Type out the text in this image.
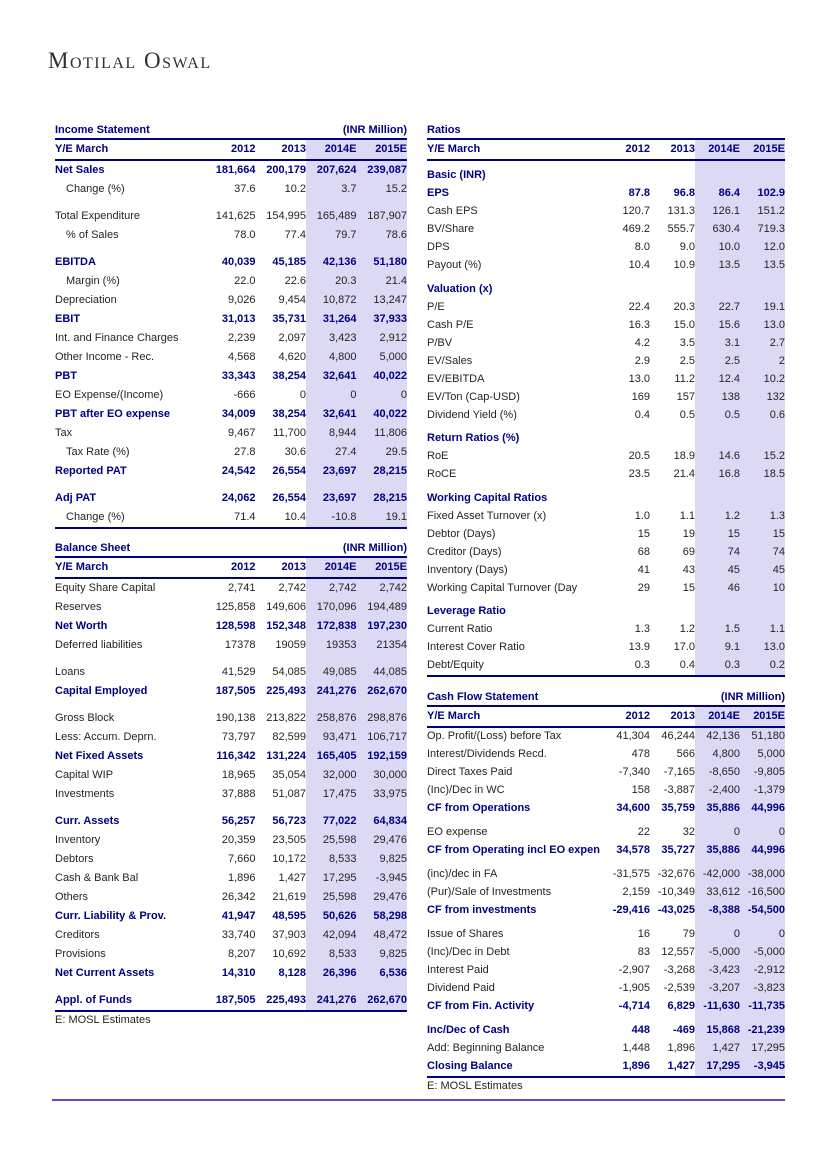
Motilal Oswal
Income Statement	(INR Million)
Y/E March	2012	2013	2014E	2015E
Net Sales	181,664	200,179	207,624	239,087
Change (%)	37.6	10.2	3.7	15.2

Total Expenditure	141,625	154,995	165,489	187,907
% of Sales	78.0	77.4	79.7	78.6

EBITDA	40,039	45,185	42,136	51,180
Margin (%)	22.0	22.6	20.3	21.4
Depreciation	9,026	9,454	10,872	13,247
EBIT	31,013	35,731	31,264	37,933
Int. and Finance Charges	2,239	2,097	3,423	2,912
Other Income - Rec.	4,568	4,620	4,800	5,000
PBT	33,343	38,254	32,641	40,022
EO Expense/(Income)	-666	0	0	0
PBT after EO expense	34,009	38,254	32,641	40,022
Tax	9,467	11,700	8,944	11,806
Tax Rate (%)	27.8	30.6	27.4	29.5
Reported PAT	24,542	26,554	23,697	28,215

Adj PAT	24,062	26,554	23,697	28,215
Change (%)	71.4	10.4	-10.8	19.1
Balance Sheet	(INR Million)
Y/E March	2012	2013	2014E	2015E
Equity Share Capital	2,741	2,742	2,742	2,742
Reserves	125,858	149,606	170,096	194,489
Net Worth	128,598	152,348	172,838	197,230
Deferred liabilities	17378	19059	19353	21354

Loans	41,529	54,085	49,085	44,085
Capital Employed	187,505	225,493	241,276	262,670

Gross Block	190,138	213,822	258,876	298,876
Less: Accum. Deprn.	73,797	82,599	93,471	106,717
Net Fixed Assets	116,342	131,224	165,405	192,159
Capital WIP	18,965	35,054	32,000	30,000
Investments	37,888	51,087	17,475	33,975

Curr. Assets	56,257	56,723	77,022	64,834
Inventory	20,359	23,505	25,598	29,476
Debtors	7,660	10,172	8,533	9,825
Cash & Bank Bal	1,896	1,427	17,295	-3,945
Others	26,342	21,619	25,598	29,476
Curr. Liability & Prov.	41,947	48,595	50,626	58,298
Creditors	33,740	37,903	42,094	48,472
Provisions	8,207	10,692	8,533	9,825
Net Current Assets	14,310	8,128	26,396	6,536

Appl. of Funds	187,505	225,493	241,276	262,670
E: MOSL Estimates
Ratios
Y/E March	2012	2013	2014E	2015E
Basic (INR)				
EPS	87.8	96.8	86.4	102.9
Cash EPS	120.7	131.3	126.1	151.2
BV/Share	469.2	555.7	630.4	719.3
DPS	8.0	9.0	10.0	12.0
Payout (%)	10.4	10.9	13.5	13.5
Valuation (x)				
P/E	22.4	20.3	22.7	19.1
Cash P/E	16.3	15.0	15.6	13.0
P/BV	4.2	3.5	3.1	2.7
EV/Sales	2.9	2.5	2.5	2
EV/EBITDA	13.0	11.2	12.4	10.2
EV/Ton (Cap-USD)	169	157	138	132
Dividend Yield (%)	0.4	0.5	0.5	0.6
Return Ratios (%)				
RoE	20.5	18.9	14.6	15.2
RoCE	23.5	21.4	16.8	18.5
Working Capital Ratios				
Fixed Asset Turnover (x)	1.0	1.1	1.2	1.3
Debtor (Days)	15	19	15	15
Creditor (Days)	68	69	74	74
Inventory (Days)	41	43	45	45
Working Capital Turnover (Day	29	15	46	10
Leverage Ratio				
Current Ratio	1.3	1.2	1.5	1.1
Interest Cover Ratio	13.9	17.0	9.1	13.0
Debt/Equity	0.3	0.4	0.3	0.2
Cash Flow Statement	(INR Million)
Y/E March	2012	2013	2014E	2015E
Op. Profit/(Loss) before Tax	41,304	46,244	42,136	51,180
Interest/Dividends Recd.	478	566	4,800	5,000
Direct Taxes Paid	-7,340	-7,165	-8,650	-9,805
(Inc)/Dec in WC	158	-3,887	-2,400	-1,379
CF from Operations	34,600	35,759	35,886	44,996

EO expense	22	32	0	0
CF from Operating incl EO expen	34,578	35,727	35,886	44,996

(inc)/dec in FA	-31,575	-32,676	-42,000	-38,000
(Pur)/Sale of Investments	2,159	-10,349	33,612	-16,500
CF from investments	-29,416	-43,025	-8,388	-54,500

Issue of Shares	16	79	0	0
(Inc)/Dec in Debt	83	12,557	-5,000	-5,000
Interest Paid	-2,907	-3,268	-3,423	-2,912
Dividend Paid	-1,905	-2,539	-3,207	-3,823
CF from Fin. Activity	-4,714	6,829	-11,630	-11,735

Inc/Dec of Cash	448	-469	15,868	-21,239
Add: Beginning Balance	1,448	1,896	1,427	17,295
Closing Balance	1,896	1,427	17,295	-3,945
E: MOSL Estimates
